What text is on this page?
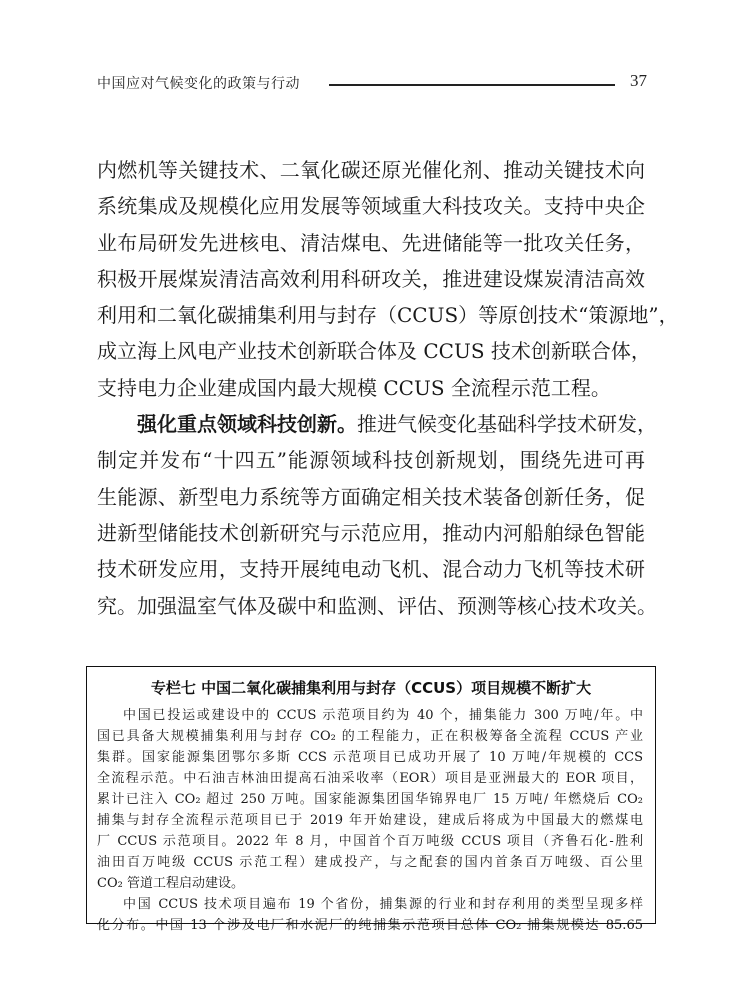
中国应对气候变化的政策与行动	37
内燃机等关键技术、二氧化碳还原光催化剂、推动关键技术向
系统集成及规模化应用发展等领域重大科技攻关。支持中央企
业布局研发先进核电、清洁煤电、先进储能等一批攻关任务，
积极开展煤炭清洁高效利用科研攻关，推进建设煤炭清洁高效
利用和二氧化碳捕集利用与封存（CCUS）等原创技术“策源地”，
成立海上风电产业技术创新联合体及 CCUS 技术创新联合体，
支持电力企业建成国内最大规模 CCUS 全流程示范工程。
强化重点领域科技创新。推进气候变化基础科学技术研发，
制定并发布“十四五”能源领域科技创新规划，围绕先进可再
生能源、新型电力系统等方面确定相关技术装备创新任务，促
进新型储能技术创新研究与示范应用，推动内河船舶绿色智能
技术研发应用，支持开展纯电动飞机、混合动力飞机等技术研
究。加强温室气体及碳中和监测、评估、预测等核心技术攻关。
专栏七 中国二氧化碳捕集利用与封存（CCUS）项目规模不断扩大
中国已投运或建设中的 CCUS 示范项目约为 40 个，捕集能力 300 万吨/年。中
国已具备大规模捕集利用与封存 CO₂ 的工程能力，正在积极筹备全流程 CCUS 产业
集群。国家能源集团鄂尔多斯 CCS 示范项目已成功开展了 10 万吨/年规模的 CCS
全流程示范。中石油吉林油田提高石油采收率（EOR）项目是亚洲最大的 EOR 项目，
累计已注入 CO₂ 超过 250 万吨。国家能源集团国华锦界电厂 15 万吨/ 年燃烧后 CO₂
捕集与封存全流程示范项目已于 2019 年开始建设，建成后将成为中国最大的燃煤电
厂 CCUS 示范项目。2022 年 8 月，中国首个百万吨级 CCUS 项目（齐鲁石化-胜利
油田百万吨级 CCUS 示范工程）建成投产，与之配套的国内首条百万吨级、百公里
CO₂ 管道工程启动建设。
中国 CCUS 技术项目遍布 19 个省份，捕集源的行业和封存利用的类型呈现多样
化分布。中国 13 个涉及电厂和水泥厂的纯捕集示范项目总体 CO₂ 捕集规模达 85.65
